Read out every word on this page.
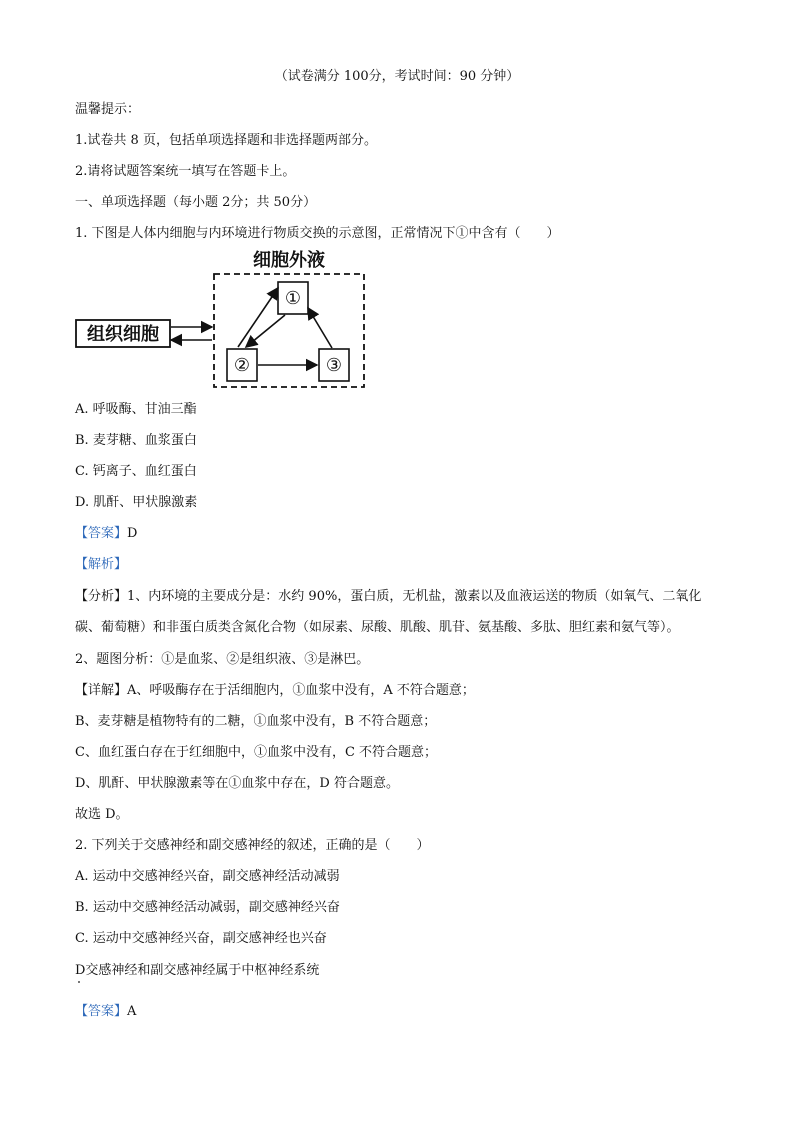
（试卷满分 100分，考试时间：90 分钟）
温馨提示：
1.试卷共 8 页，包括单项选择题和非选择题两部分。
2.请将试题答案统一填写在答题卡上。
一、单项选择题（每小题 2分；共 50分）
1. 下图是人体内细胞与内环境进行物质交换的示意图，正常情况下①中含有（　　）
细胞外液
组织细胞
①
②	③
A. 呼吸酶、甘油三酯
B. 麦芽糖、血浆蛋白
C. 钙离子、血红蛋白
D. 肌酐、甲状腺激素
【答案】D
【解析】
【分析】1、内环境的主要成分是：水约 90%，蛋白质，无机盐，激素以及血液运送的物质（如氧气、二氧化碳、葡萄糖）和非蛋白质类含氮化合物（如尿素、尿酸、肌酸、肌苷、氨基酸、多肽、胆红素和氨气等）。
2、题图分析：①是血浆、②是组织液、③是淋巴。
【详解】A、呼吸酶存在于活细胞内，①血浆中没有，A 不符合题意；
B、麦芽糖是植物特有的二糖，①血浆中没有，B 不符合题意；
C、血红蛋白存在于红细胞中，①血浆中没有，C 不符合题意；
D、肌酐、甲状腺激素等在①血浆中存在，D 符合题意。
故选 D。
2. 下列关于交感神经和副交感神经的叙述，正确的是（　　）
A. 运动中交感神经兴奋，副交感神经活动减弱
B. 运动中交感神经活动减弱，副交感神经兴奋
C. 运动中交感神经兴奋，副交感神经也兴奋
D交感神经和副交感神经属于中枢神经系统
【答案】A
